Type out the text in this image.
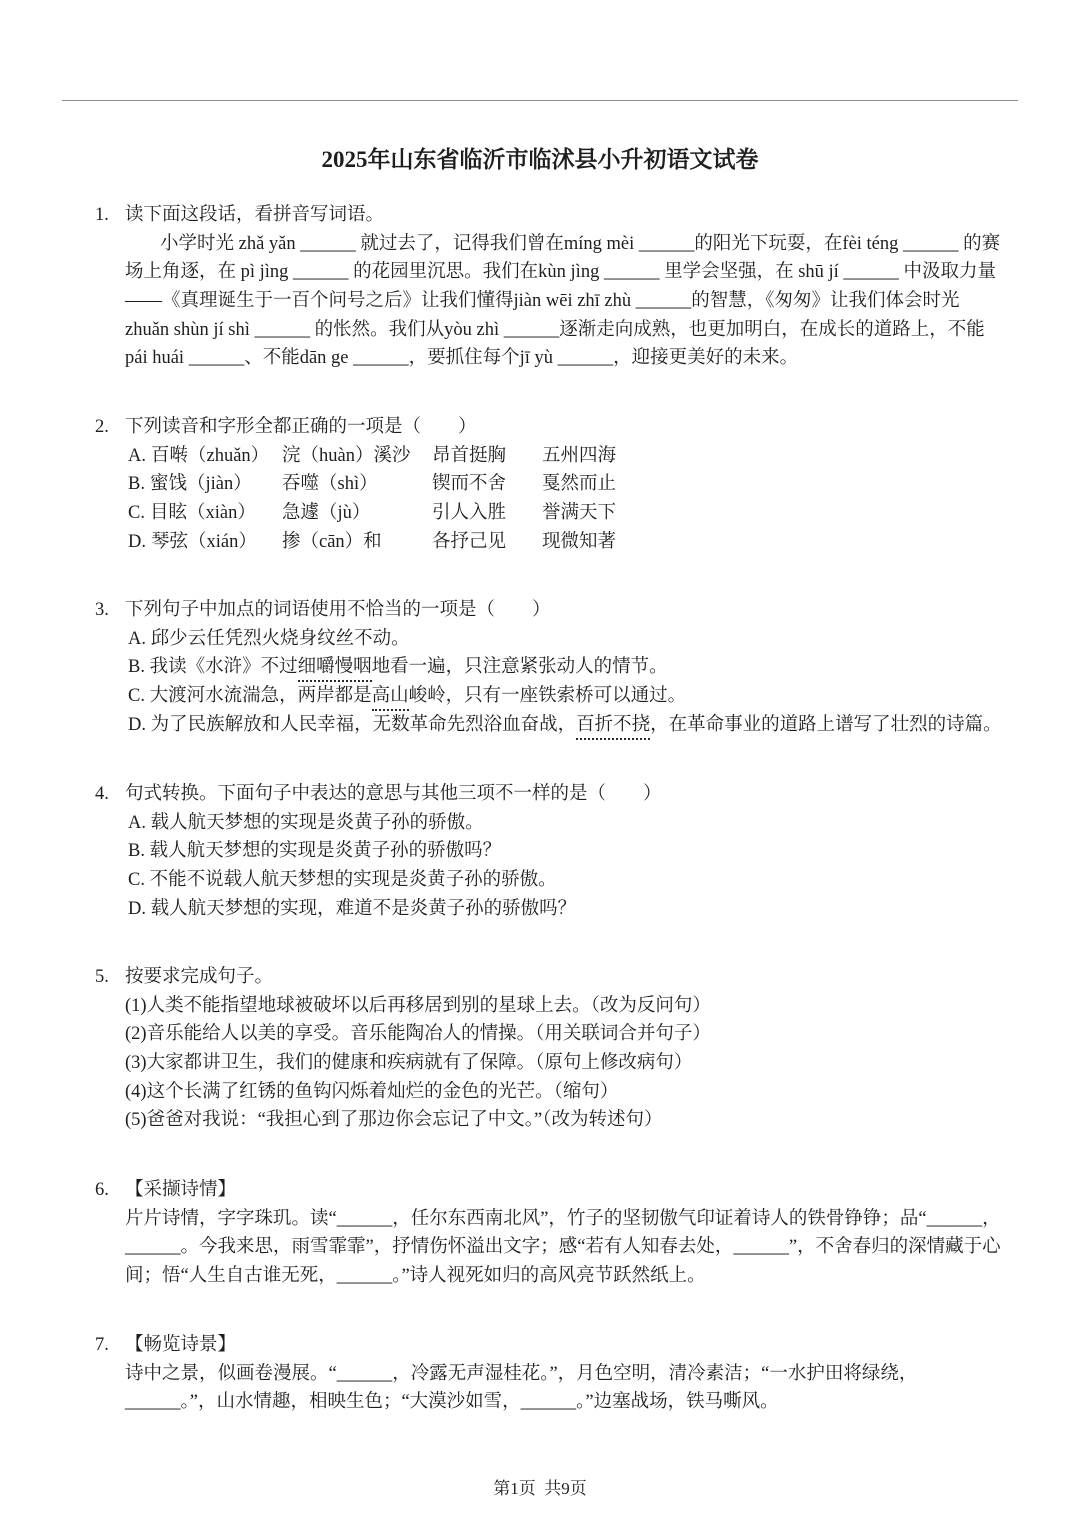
2025年山东省临沂市临沭县小升初语文试卷
1. 读下面这段话，看拼音写词语。
小学时光 zhǎ yǎn ______ 就过去了，记得我们曾在míng mèi ______的阳光下玩耍，在fèi téng ______ 的赛
场上角逐，在 pì jìng ______ 的花园里沉思。我们在kùn jìng ______ 里学会坚强，在 shū jí ______ 中汲取力量
——《真理诞生于一百个问号之后》让我们懂得jiàn wēi zhī zhù ______的智慧，《匆匆》让我们体会时光
zhuǎn shùn jí shì ______ 的怅然。我们从yòu zhì ______逐渐走向成熟，也更加明白，在成长的道路上，不能
pái huái ______、不能dān ge ______，要抓住每个jī yù ______，迎接更美好的未来。
2. 下列读音和字形全都正确的一项是（　　）
A. 百啭（zhuǎn） 浣（huàn）溪沙 昂首挺胸 五州四海
B. 蜜饯（jiàn） 吞噬（shì）	锲而不舍 戛然而止
C. 目眩（xiàn） 急遽（jù）	引人入胜 誉满天下
D. 琴弦（xián） 掺（cān）和	各抒己见 现微知著
3. 下列句子中加点的词语使用不恰当的一项是（　　）
A. 邱少云任凭烈火烧身纹丝不动。
B. 我读《水浒》不过细嚼慢咽地看一遍，只注意紧张动人的情节。
C. 大渡河水流湍急，两岸都是高山峻岭，只有一座铁索桥可以通过。
D. 为了民族解放和人民幸福，无数革命先烈浴血奋战，百折不挠，在革命事业的道路上谱写了壮烈的诗篇。
4. 句式转换。下面句子中表达的意思与其他三项不一样的是（　　）
A. 载人航天梦想的实现是炎黄子孙的骄傲。
B. 载人航天梦想的实现是炎黄子孙的骄傲吗？
C. 不能不说载人航天梦想的实现是炎黄子孙的骄傲。
D. 载人航天梦想的实现，难道不是炎黄子孙的骄傲吗？
5. 按要求完成句子。
(1)人类不能指望地球被破坏以后再移居到别的星球上去。（改为反问句）
(2)音乐能给人以美的享受。音乐能陶冶人的情操。（用关联词合并句子）
(3)大家都讲卫生，我们的健康和疾病就有了保障。（原句上修改病句）
(4)这个长满了红锈的鱼钩闪烁着灿烂的金色的光芒。（缩句）
(5)爸爸对我说：“我担心到了那边你会忘记了中文。”（改为转述句）
6. 【采撷诗情】
片片诗情，字字珠玑。读“______，任尔东西南北风”，竹子的坚韧傲气印证着诗人的铁骨铮铮；品“______，
______。今我来思，雨雪霏霏”，抒情伤怀溢出文字；感“若有人知春去处，______”，不舍春归的深情藏于心
间；悟“人生自古谁无死，______。”诗人视死如归的高风亮节跃然纸上。
7. 【畅览诗景】
诗中之景，似画卷漫展。“______，冷露无声湿桂花。”，月色空明，清冷素洁；“一水护田将绿绕，
______。”，山水情趣，相映生色；“大漠沙如雪，______。”边塞战场，铁马嘶风。
第1页  共9页
